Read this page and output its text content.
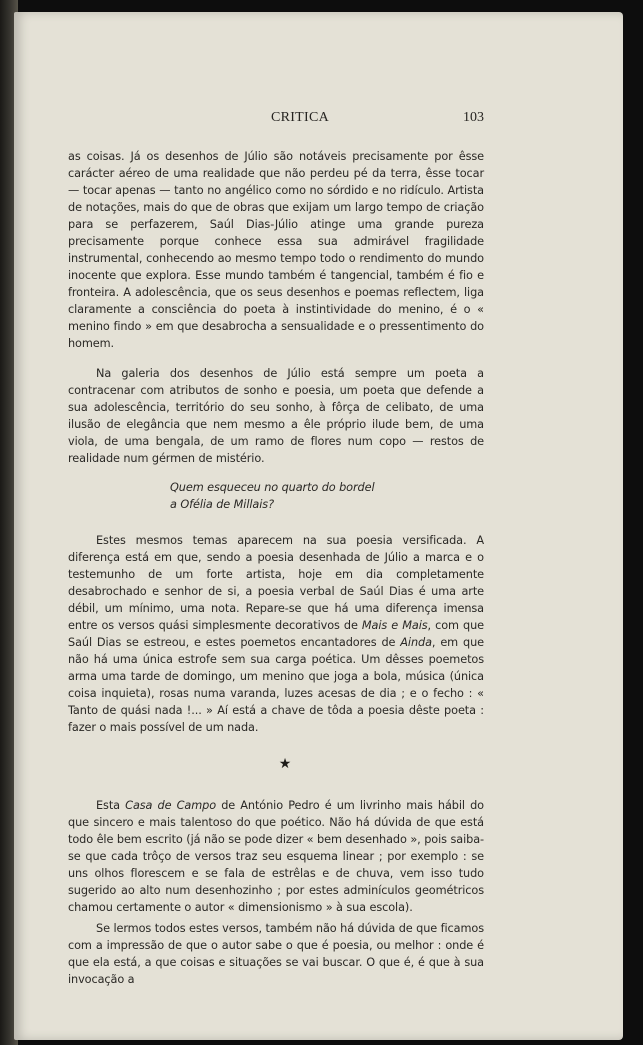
CRITICA	103

as coisas. Já os desenhos de Júlio são notáveis precisamente por êsse carácter aéreo de uma realidade que não perdeu pé da terra, êsse tocar — tocar apenas — tanto no angélico como no sórdido e no ridículo. Artista de notações, mais do que de obras que exijam um largo tempo de criação para se perfazerem, Saúl Dias-Júlio atinge uma grande pureza precisamente porque conhece essa sua admirável fragilidade instrumental, conhecendo ao mesmo tempo todo o rendimento do mundo inocente que explora. Esse mundo também é tangencial, também é fio e fronteira. A adolescência, que os seus desenhos e poemas reflectem, liga claramente a consciência do poeta à instintividade do menino, é o « menino findo » em que desabrocha a sensualidade e o pressentimento do homem.

Na galeria dos desenhos de Júlio está sempre um poeta a contracenar com atributos de sonho e poesia, um poeta que defende a sua adolescência, território do seu sonho, à fôrça de celibato, de uma ilusão de elegância que nem mesmo a êle próprio ilude bem, de uma viola, de uma bengala, de um ramo de flores num copo — restos de realidade num gérmen de mistério.

Quem esqueceu no quarto do bordel
a Ofélia de Millais?

Estes mesmos temas aparecem na sua poesia versificada. A diferença está em que, sendo a poesia desenhada de Júlio a marca e o testemunho de um forte artista, hoje em dia completamente desabrochado e senhor de si, a poesia verbal de Saúl Dias é uma arte débil, um mínimo, uma nota. Repare-se que há uma diferença imensa entre os versos quási simplesmente decorativos de Mais e Mais, com que Saúl Dias se estreou, e estes poemetos encantadores de Ainda, em que não há uma única estrofe sem sua carga poética. Um dêsses poemetos arma uma tarde de domingo, um menino que joga a bola, música (única coisa inquieta), rosas numa varanda, luzes acesas de dia ; e o fecho : « Tanto de quási nada !... » Aí está a chave de tôda a poesia dêste poeta : fazer o mais possível de um nada.

★

Esta Casa de Campo de António Pedro é um livrinho mais hábil do que sincero e mais talentoso do que poético. Não há dúvida de que está todo êle bem escrito (já não se pode dizer « bem desenhado », pois saiba-se que cada trôço de versos traz seu esquema linear ; por exemplo : se uns olhos florescem e se fala de estrêlas e de chuva, vem isso tudo sugerido ao alto num desenhozinho ; por estes adminículos geométricos chamou certamente o autor « dimensionismo » à sua escola).

Se lermos todos estes versos, também não há dúvida de que ficamos com a impressão de que o autor sabe o que é poesia, ou melhor : onde é que ela está, a que coisas e situações se vai buscar. O que é, é que à sua invocação a
